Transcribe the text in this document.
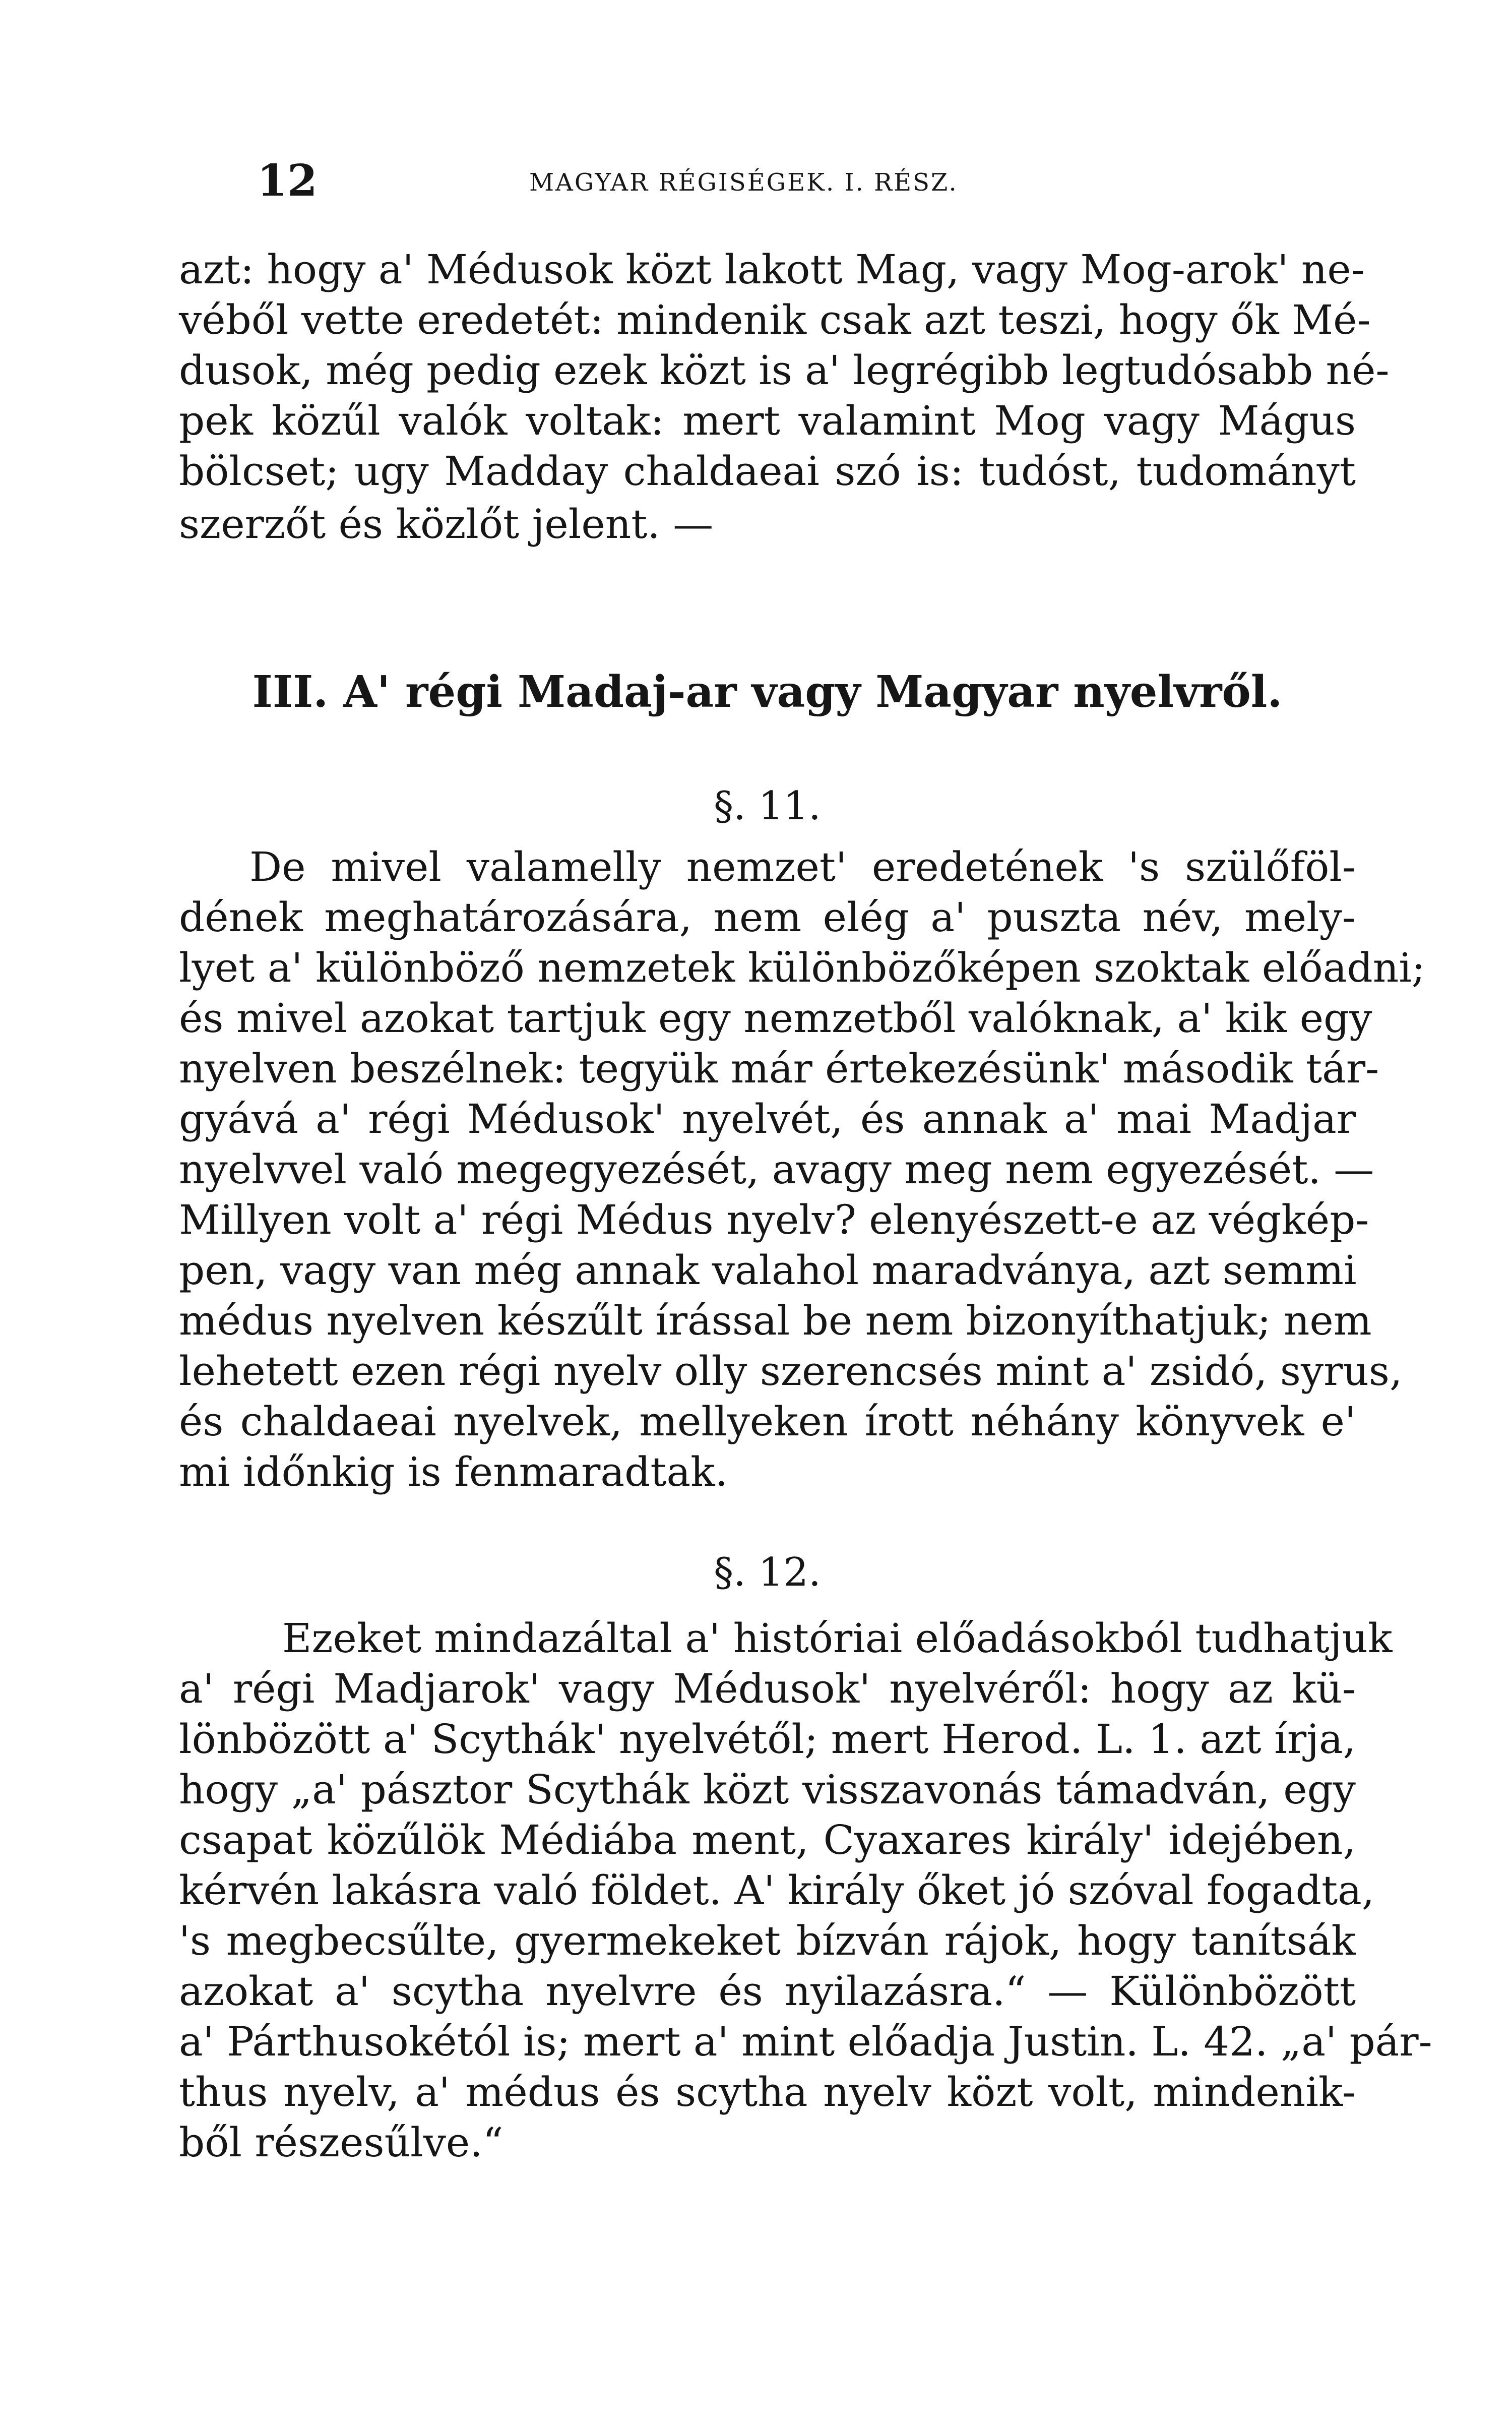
12	MAGYAR RÉGISÉGEK. I. RÉSZ.
azt: hogy a' Médusok közt lakott Mag, vagy Mog-arok' ne-
véből vette eredetét: mindenik csak azt teszi, hogy ők Mé-
dusok, még pedig ezek közt is a' legrégibb legtudósabb né-
pek közűl valók voltak: mert valamint Mog vagy Mágus
bölcset; ugy Madday chaldaeai szó is: tudóst, tudományt
szerzőt és közlőt jelent. —
III. A' régi Madaj-ar vagy Magyar nyelvről.
§. 11.
De mivel valamelly nemzet' eredetének 's szülőföl-
dének meghatározására, nem elég a' puszta név, mely-
lyet a' különböző nemzetek különbözőképen szoktak előadni;
és mivel azokat tartjuk egy nemzetből valóknak, a' kik egy
nyelven beszélnek: tegyük már értekezésünk' második tár-
gyává a' régi Médusok' nyelvét, és annak a' mai Madjar
nyelvvel való megegyezését, avagy meg nem egyezését. —
Millyen volt a' régi Médus nyelv? elenyészett-e az végkép-
pen, vagy van még annak valahol maradványa, azt semmi
médus nyelven készűlt írással be nem bizonyíthatjuk; nem
lehetett ezen régi nyelv olly szerencsés mint a' zsidó, syrus,
és chaldaeai nyelvek, mellyeken írott néhány könyvek e'
mi időnkig is fenmaradtak.
§. 12.
Ezeket mindazáltal a' históriai előadásokból tudhatjuk
a' régi Madjarok' vagy Médusok' nyelvéről: hogy az kü-
lönbözött a' Scythák' nyelvétől; mert Herod. L. 1. azt írja,
hogy „a' pásztor Scythák közt visszavonás támadván, egy
csapat közűlök Médiába ment, Cyaxares király' idejében,
kérvén lakásra való földet. A' király őket jó szóval fogadta,
's megbecsűlte, gyermekeket bízván rájok, hogy tanítsák
azokat a' scytha nyelvre és nyilazásra.“ — Különbözött
a' Párthusokétól is; mert a' mint előadja Justin. L. 42. „a' pár-
thus nyelv, a' médus és scytha nyelv közt volt, mindenik-
ből részesűlve.“
